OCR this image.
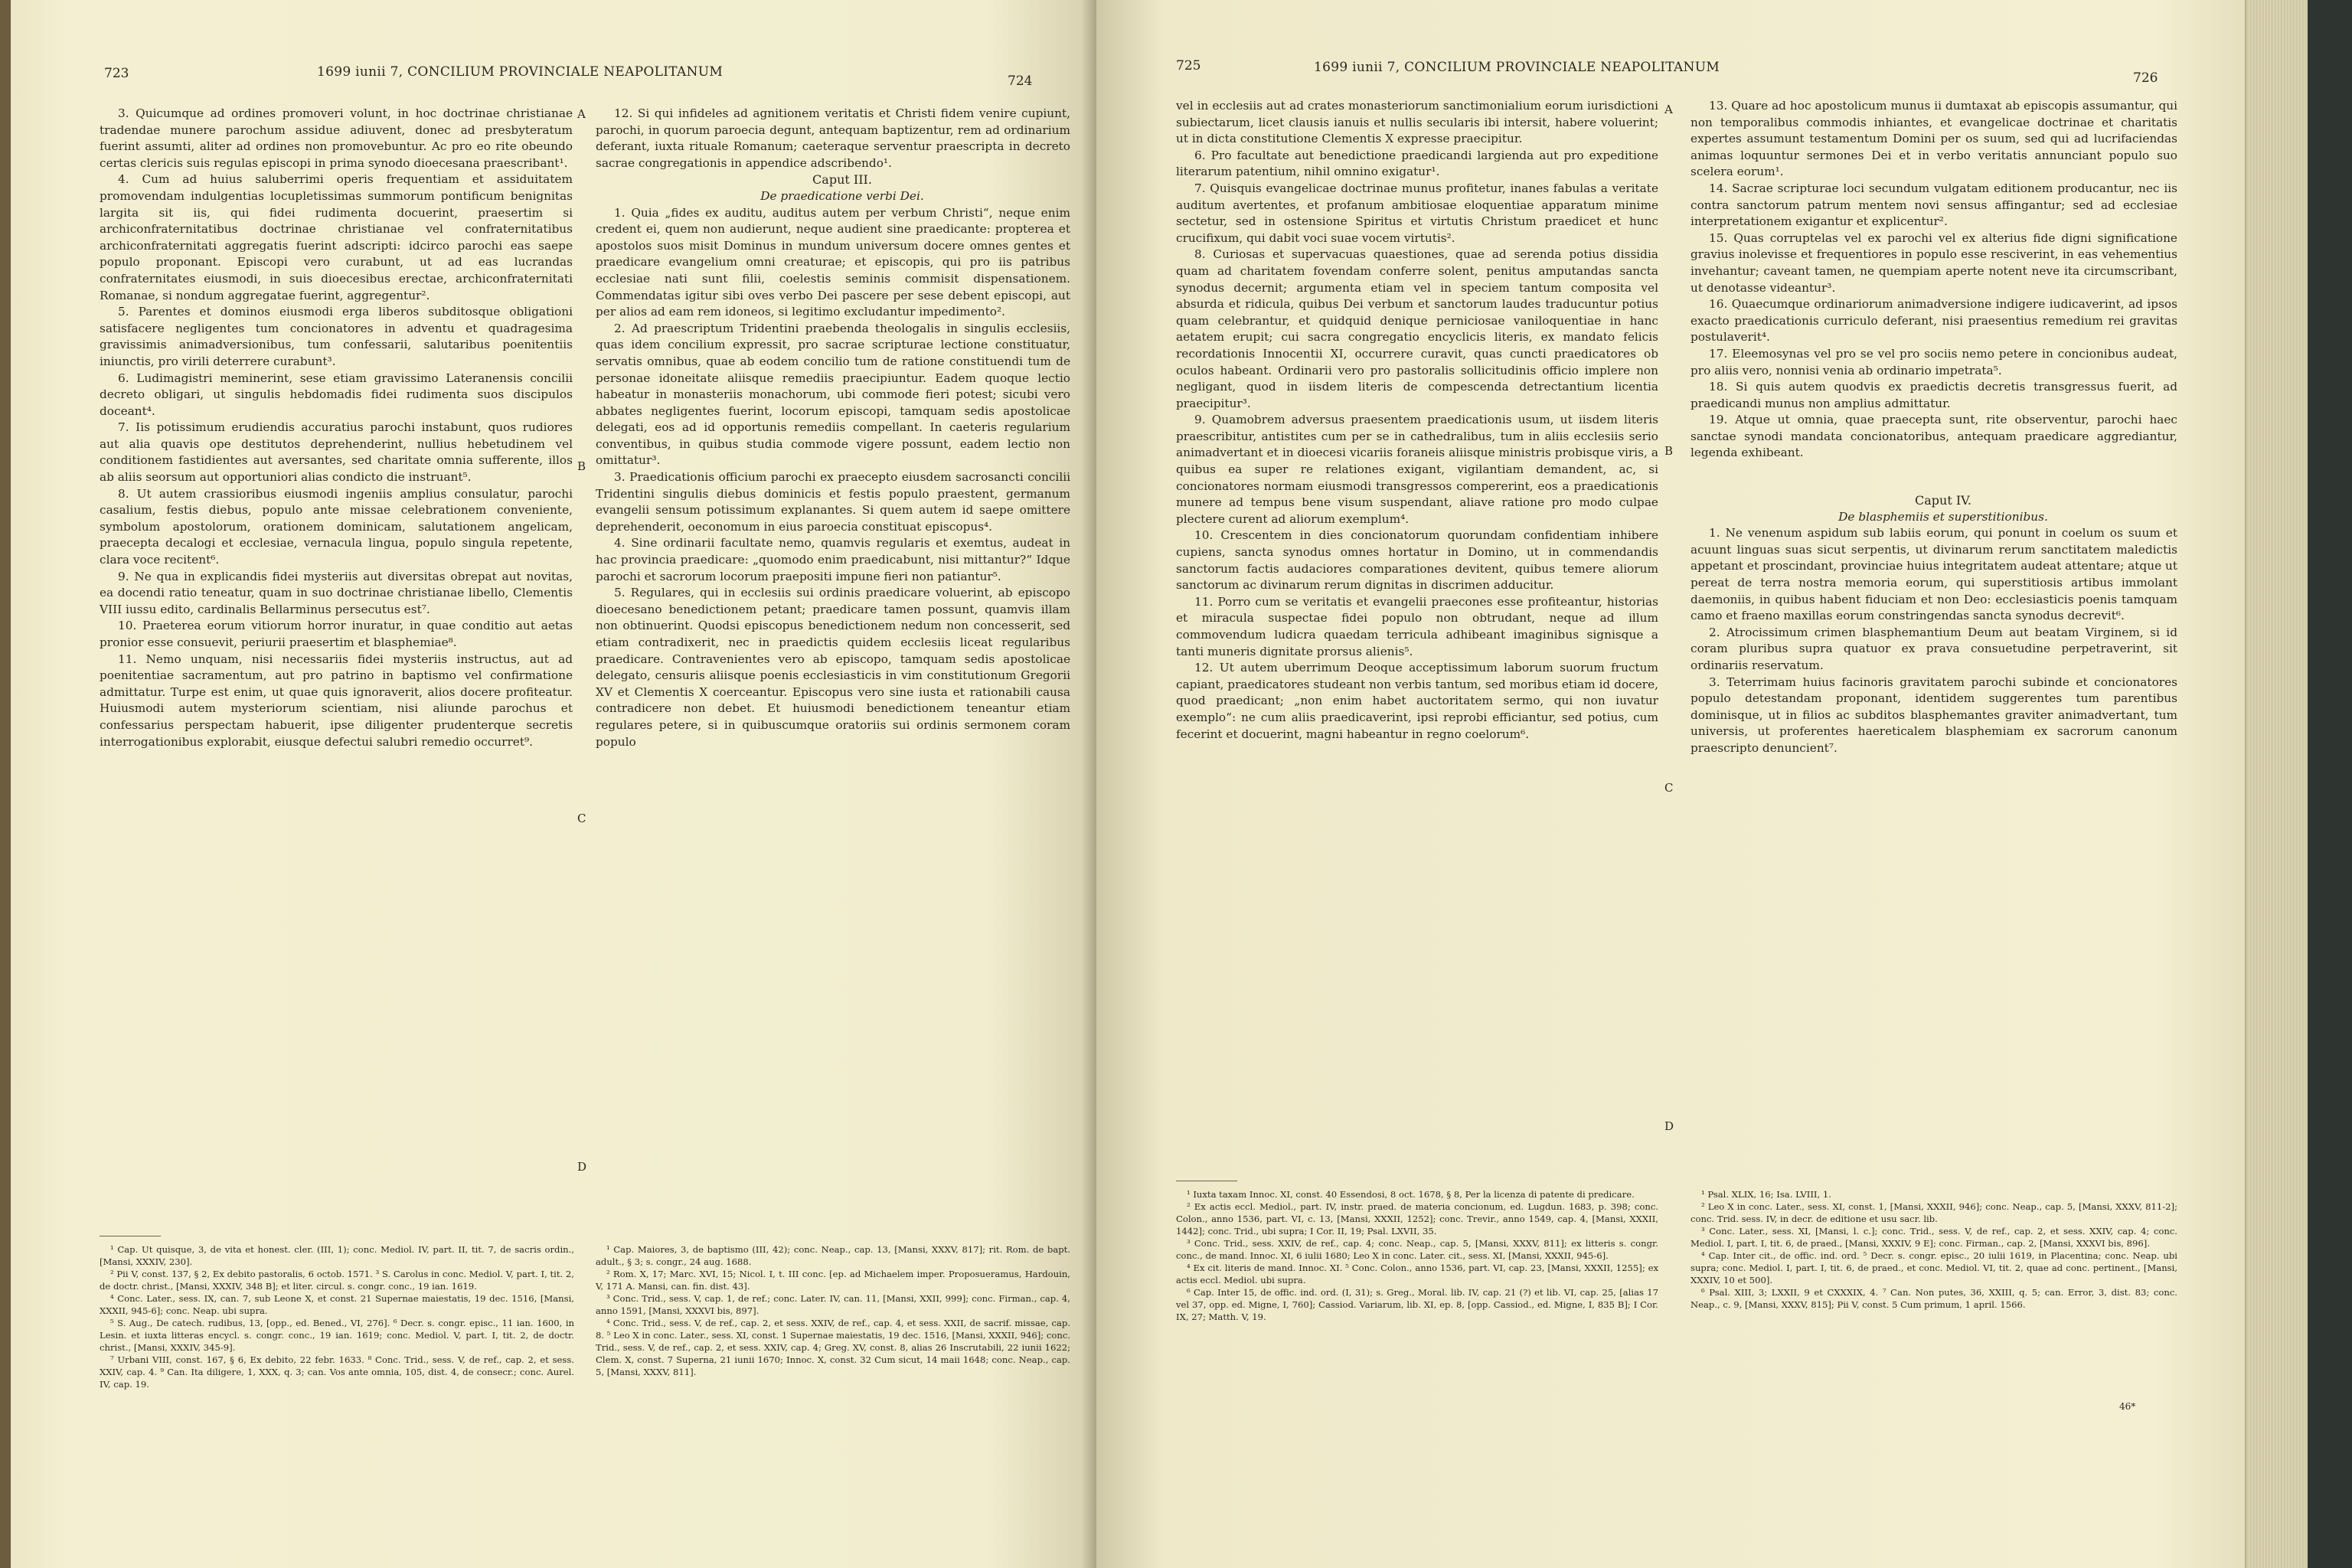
723	1699 iunii 7, CONCILIUM PROVINCIALE NEAPOLITANUM
724

3. Quicumque ad ordines promoveri volunt, in hoc doctrinae christianae tradendae munere parochum assidue adiuvent, donec ad presbyteratum fuerint assumti, aliter ad ordines non promovebuntur. Ac pro eo rite obeundo certas clericis suis regulas episcopi in prima synodo dioecesana praescribant¹.

4. Cum ad huius saluberrimi operis frequentiam et assiduitatem promovendam indulgentias locupletissimas summorum pontificum benignitas largita sit iis, qui fidei rudimenta docuerint, praesertim si archiconfraternitatibus doctrinae christianae vel confraternitatibus archiconfraternitati aggregatis fuerint adscripti: idcirco parochi eas saepe populo proponant. Episcopi vero curabunt, ut ad eas lucrandas confraternitates eiusmodi, in suis dioecesibus erectae, archiconfraternitati Romanae, si nondum aggregatae fuerint, aggregentur².

5. Parentes et dominos eiusmodi erga liberos subditosque obligationi satisfacere negligentes tum concionatores in adventu et quadragesima gravissimis animadversionibus, tum confessarii, salutaribus poenitentiis iniunctis, pro virili deterrere curabunt³.

6. Ludimagistri meminerint, sese etiam gravissimo Lateranensis concilii decreto obligari, ut singulis hebdomadis fidei rudimenta suos discipulos doceant⁴.

7. Iis potissimum erudiendis accuratius parochi instabunt, quos rudiores aut alia quavis ope destitutos deprehenderint, nullius hebetudinem vel conditionem fastidientes aut aversantes, sed charitate omnia sufferente, illos ab aliis seorsum aut opportuniori alias condicto die instruant⁵.

8. Ut autem crassioribus eiusmodi ingeniis amplius consulatur, parochi casalium, festis diebus, populo ante missae celebrationem conveniente, symbolum apostolorum, orationem dominicam, salutationem angelicam, praecepta decalogi et ecclesiae, vernacula lingua, populo singula repetente, clara voce recitent⁶.

9. Ne qua in explicandis fidei mysteriis aut diversitas obrepat aut novitas, ea docendi ratio teneatur, quam in suo doctrinae christianae libello, Clementis VIII iussu edito, cardinalis Bellarminus persecutus est⁷.

10. Praeterea eorum vitiorum horror inuratur, in quae conditio aut aetas pronior esse consuevit, periurii praesertim et blasphemiae⁸.

11. Nemo unquam, nisi necessariis fidei mysteriis instructus, aut ad poenitentiae sacramentum, aut pro patrino in baptismo vel confirmatione admittatur. Turpe est enim, ut quae quis ignoraverit, alios docere profiteatur. Huiusmodi autem mysteriorum scientiam, nisi aliunde parochus et confessarius perspectam habuerit, ipse diligenter prudenterque secretis interrogationibus explorabit, eiusque defectui salubri remedio occurret⁹.

12. Si qui infideles ad agnitionem veritatis et Christi fidem venire cupiunt, parochi, in quorum paroecia degunt, antequam baptizentur, rem ad ordinarium deferant, iuxta rituale Romanum; caeteraque serventur praescripta in decreto sacrae congregationis in appendice adscribendo¹.

Caput III.

De praedicatione verbi Dei.

1. Quia „fides ex auditu, auditus autem per verbum Christi“, neque enim credent ei, quem non audierunt, neque audient sine praedicante: propterea et apostolos suos misit Dominus in mundum universum docere omnes gentes et praedicare evangelium omni creaturae; et episcopis, qui pro iis patribus ecclesiae nati sunt filii, coelestis seminis commisit dispensationem. Commendatas igitur sibi oves verbo Dei pascere per sese debent episcopi, aut per alios ad eam rem idoneos, si legitimo excludantur impedimento².

2. Ad praescriptum Tridentini praebenda theologalis in singulis ecclesiis, quas idem concilium expressit, pro sacrae scripturae lectione constituatur, servatis omnibus, quae ab eodem concilio tum de ratione constituendi tum de personae idoneitate aliisque remediis praecipiuntur. Eadem quoque lectio habeatur in monasteriis monachorum, ubi commode fieri potest; sicubi vero abbates negligentes fuerint, locorum episcopi, tamquam sedis apostolicae delegati, eos ad id opportunis remediis compellant. In caeteris regularium conventibus, in quibus studia commode vigere possunt, eadem lectio non omittatur³.

3. Praedicationis officium parochi ex praecepto eiusdem sacrosancti concilii Tridentini singulis diebus dominicis et festis populo praestent, germanum evangelii sensum potissimum explanantes. Si quem autem id saepe omittere deprehenderit, oeconomum in eius paroecia constituat episcopus⁴.

4. Sine ordinarii facultate nemo, quamvis regularis et exemtus, audeat in hac provincia praedicare: „quomodo enim praedicabunt, nisi mittantur?“ Idque parochi et sacrorum locorum praepositi impune fieri non patiantur⁵.

5. Regulares, qui in ecclesiis sui ordinis praedicare voluerint, ab episcopo dioecesano benedictionem petant; praedicare tamen possunt, quamvis illam non obtinuerint. Quodsi episcopus benedictionem nedum non concesserit, sed etiam contradixerit, nec in praedictis quidem ecclesiis liceat regularibus praedicare. Contravenientes vero ab episcopo, tamquam sedis apostolicae delegato, censuris aliisque poenis ecclesiasticis in vim constitutionum Gregorii XV et Clementis X coerceantur. Episcopus vero sine iusta et rationabili causa contradicere non debet. Et huiusmodi benedictionem teneantur etiam regulares petere, si in quibuscumque oratoriis sui ordinis sermonem coram populo

A
B
C
D

¹ Cap. Ut quisque, 3, de vita et honest. cler. (III, 1); conc. Mediol. IV, part. II, tit. 7, de sacris ordin., [Mansi, XXXIV, 230].

² Pii V, const. 137, § 2, Ex debito pastoralis, 6 octob. 1571. ³ S. Carolus in conc. Mediol. V, part. I, tit. 2, de doctr. christ., [Mansi, XXXIV, 348 B]; et liter. circul. s. congr. conc., 19 ian. 1619.

⁴ Conc. Later., sess. IX, can. 7, sub Leone X, et const. 21 Supernae maiestatis, 19 dec. 1516, [Mansi, XXXII, 945-6]; conc. Neap. ubi supra.

⁵ S. Aug., De catech. rudibus, 13, [opp., ed. Bened., VI, 276]. ⁶ Decr. s. congr. episc., 11 ian. 1600, in Lesin. et iuxta litteras encycl. s. congr. conc., 19 ian. 1619; conc. Mediol. V, part. I, tit. 2, de doctr. christ., [Mansi, XXXIV, 345-9].

⁷ Urbani VIII, const. 167, § 6, Ex debito, 22 febr. 1633. ⁸ Conc. Trid., sess. V, de ref., cap. 2, et sess. XXIV, cap. 4. ⁹ Can. Ita diligere, 1, XXX, q. 3; can. Vos ante omnia, 105, dist. 4, de consecr.; conc. Aurel. IV, cap. 19.

¹ Cap. Maiores, 3, de baptismo (III, 42); conc. Neap., cap. 13, [Mansi, XXXV, 817]; rit. Rom. de bapt. adult., § 3; s. congr., 24 aug. 1688.

² Rom. X, 17; Marc. XVI, 15; Nicol. I, t. III conc. [ep. ad Michaelem imper. Proposueramus, Hardouin, V, 171 A. Mansi, can. fin. dist. 43].

³ Conc. Trid., sess. V, cap. 1, de ref.; conc. Later. IV, can. 11, [Mansi, XXII, 999]; conc. Firman., cap. 4, anno 1591, [Mansi, XXXVI bis, 897].

⁴ Conc. Trid., sess. V, de ref., cap. 2, et sess. XXIV, de ref., cap. 4, et sess. XXII, de sacrif. missae, cap. 8. ⁵ Leo X in conc. Later., sess. XI, const. 1 Supernae maiestatis, 19 dec. 1516, [Mansi, XXXII, 946]; conc. Trid., sess. V, de ref., cap. 2, et sess. XXIV, cap. 4; Greg. XV, const. 8, alias 26 Inscrutabili, 22 iunii 1622; Clem. X, const. 7 Superna, 21 iunii 1670; Innoc. X, const. 32 Cum sicut, 14 maii 1648; conc. Neap., cap. 5, [Mansi, XXXV, 811].

725	1699 iunii 7, CONCILIUM PROVINCIALE NEAPOLITANUM
726

vel in ecclesiis aut ad crates monasteriorum sanctimonialium eorum iurisdictioni subiectarum, licet clausis ianuis et nullis secularis ibi intersit, habere voluerint; ut in dicta constitutione Clementis X expresse praecipitur.

6. Pro facultate aut benedictione praedicandi largienda aut pro expeditione literarum patentium, nihil omnino exigatur¹.

7. Quisquis evangelicae doctrinae munus profitetur, inanes fabulas a veritate auditum avertentes, et profanum ambitiosae eloquentiae apparatum minime sectetur, sed in ostensione Spiritus et virtutis Christum praedicet et hunc crucifixum, qui dabit voci suae vocem virtutis².

8. Curiosas et supervacuas quaestiones, quae ad serenda potius dissidia quam ad charitatem fovendam conferre solent, penitus amputandas sancta synodus decernit; argumenta etiam vel in speciem tantum composita vel absurda et ridicula, quibus Dei verbum et sanctorum laudes traducuntur potius quam celebrantur, et quidquid denique perniciosae vaniloquentiae in hanc aetatem erupit; cui sacra congregatio encyclicis literis, ex mandato felicis recordationis Innocentii XI, occurrere curavit, quas cuncti praedicatores ob oculos habeant. Ordinarii vero pro pastoralis sollicitudinis officio implere non negligant, quod in iisdem literis de compescenda detrectantium licentia praecipitur³.

9. Quamobrem adversus praesentem praedicationis usum, ut iisdem literis praescribitur, antistites cum per se in cathedralibus, tum in aliis ecclesiis serio animadvertant et in dioecesi vicariis foraneis aliisque ministris probisque viris, a quibus ea super re relationes exigant, vigilantiam demandent, ac, si concionatores normam eiusmodi transgressos compererint, eos a praedicationis munere ad tempus bene visum suspendant, aliave ratione pro modo culpae plectere curent ad aliorum exemplum⁴.

10. Crescentem in dies concionatorum quorundam confidentiam inhibere cupiens, sancta synodus omnes hortatur in Domino, ut in commendandis sanctorum factis audaciores comparationes devitent, quibus temere aliorum sanctorum ac divinarum rerum dignitas in discrimen adducitur.

11. Porro cum se veritatis et evangelii praecones esse profiteantur, historias et miracula suspectae fidei populo non obtrudant, neque ad illum commovendum ludicra quaedam terricula adhibeant imaginibus signisque a tanti muneris dignitate prorsus alienis⁵.

12. Ut autem uberrimum Deoque acceptissimum laborum suorum fructum capiant, praedicatores studeant non verbis tantum, sed moribus etiam id docere, quod praedicant; „non enim habet auctoritatem sermo, qui non iuvatur exemplo“: ne cum aliis praedicaverint, ipsi reprobi efficiantur, sed potius, cum fecerint et docuerint, magni habeantur in regno coelorum⁶.

13. Quare ad hoc apostolicum munus ii dumtaxat ab episcopis assumantur, qui non temporalibus commodis inhiantes, et evangelicae doctrinae et charitatis expertes assumunt testamentum Domini per os suum, sed qui ad lucrifaciendas animas loquuntur sermones Dei et in verbo veritatis annunciant populo suo scelera eorum¹.

14. Sacrae scripturae loci secundum vulgatam editionem producantur, nec iis contra sanctorum patrum mentem novi sensus affingantur; sed ad ecclesiae interpretationem exigantur et explicentur².

15. Quas corruptelas vel ex parochi vel ex alterius fide digni significatione gravius inolevisse et frequentiores in populo esse resciverint, in eas vehementius invehantur; caveant tamen, ne quempiam aperte notent neve ita circumscribant, ut denotasse videantur³.

16. Quaecumque ordinariorum animadversione indigere iudicaverint, ad ipsos exacto praedicationis curriculo deferant, nisi praesentius remedium rei gravitas postulaverit⁴.

17. Eleemosynas vel pro se vel pro sociis nemo petere in concionibus audeat, pro aliis vero, nonnisi venia ab ordinario impetrata⁵.

18. Si quis autem quodvis ex praedictis decretis transgressus fuerit, ad praedicandi munus non amplius admittatur.

19. Atque ut omnia, quae praecepta sunt, rite observentur, parochi haec sanctae synodi mandata concionatoribus, antequam praedicare aggrediantur, legenda exhibeant.

Caput IV.

De blasphemiis et superstitionibus.

1. Ne venenum aspidum sub labiis eorum, qui ponunt in coelum os suum et acuunt linguas suas sicut serpentis, ut divinarum rerum sanctitatem maledictis appetant et proscindant, provinciae huius integritatem audeat attentare; atque ut pereat de terra nostra memoria eorum, qui superstitiosis artibus immolant daemoniis, in quibus habent fiduciam et non Deo: ecclesiasticis poenis tamquam camo et fraeno maxillas eorum constringendas sancta synodus decrevit⁶.

2. Atrocissimum crimen blasphemantium Deum aut beatam Virginem, si id coram pluribus supra quatuor ex prava consuetudine perpetraverint, sit ordinariis reservatum.

3. Teterrimam huius facinoris gravitatem parochi subinde et concionatores populo detestandam proponant, identidem suggerentes tum parentibus dominisque, ut in filios ac subditos blasphemantes graviter animadvertant, tum universis, ut proferentes haereticalem blasphemiam ex sacrorum canonum praescripto denuncient⁷.

A
B
C
D

¹ Iuxta taxam Innoc. XI, const. 40 Essendosi, 8 oct. 1678, § 8, Per la licenza di patente di predicare.

² Ex actis eccl. Mediol., part. IV, instr. praed. de materia concionum, ed. Lugdun. 1683, p. 398; conc. Colon., anno 1536, part. VI, c. 13, [Mansi, XXXII, 1252]; conc. Trevir., anno 1549, cap. 4, [Mansi, XXXII, 1442]; conc. Trid., ubi supra; I Cor. II, 19; Psal. LXVII, 35.

³ Conc. Trid., sess. XXIV, de ref., cap. 4; conc. Neap., cap. 5, [Mansi, XXXV, 811]; ex litteris s. congr. conc., de mand. Innoc. XI, 6 iulii 1680; Leo X in conc. Later. cit., sess. XI, [Mansi, XXXII, 945-6].

⁴ Ex cit. literis de mand. Innoc. XI. ⁵ Conc. Colon., anno 1536, part. VI, cap. 23, [Mansi, XXXII, 1255]; ex actis eccl. Mediol. ubi supra.

⁶ Cap. Inter 15, de offic. ind. ord. (I, 31); s. Greg., Moral. lib. IV, cap. 21 (?) et lib. VI, cap. 25, [alias 17 vel 37, opp. ed. Migne, I, 760]; Cassiod. Variarum, lib. XI, ep. 8, [opp. Cassiod., ed. Migne, I, 835 B]; I Cor. IX, 27; Matth. V, 19.

¹ Psal. XLIX, 16; Isa. LVIII, 1.

² Leo X in conc. Later., sess. XI, const. 1, [Mansi, XXXII, 946]; conc. Neap., cap. 5, [Mansi, XXXV, 811-2]; conc. Trid. sess. IV, in decr. de editione et usu sacr. lib.

³ Conc. Later., sess. XI, [Mansi, l. c.]; conc. Trid., sess. V, de ref., cap. 2, et sess. XXIV, cap. 4; conc. Mediol. I, part. I, tit. 6, de praed., [Mansi, XXXIV, 9 E]; conc. Firman., cap. 2, [Mansi, XXXVI bis, 896].

⁴ Cap. Inter cit., de offic. ind. ord. ⁵ Decr. s. congr. episc., 20 iulii 1619, in Placentina; conc. Neap. ubi supra; conc. Mediol. I, part. I, tit. 6, de praed., et conc. Mediol. VI, tit. 2, quae ad conc. pertinent., [Mansi, XXXIV, 10 et 500].

⁶ Psal. XIII, 3; LXXII, 9 et CXXXIX, 4. ⁷ Can. Non putes, 36, XXIII, q. 5; can. Error, 3, dist. 83; conc. Neap., c. 9, [Mansi, XXXV, 815]; Pii V, const. 5 Cum primum, 1 april. 1566.

46*
